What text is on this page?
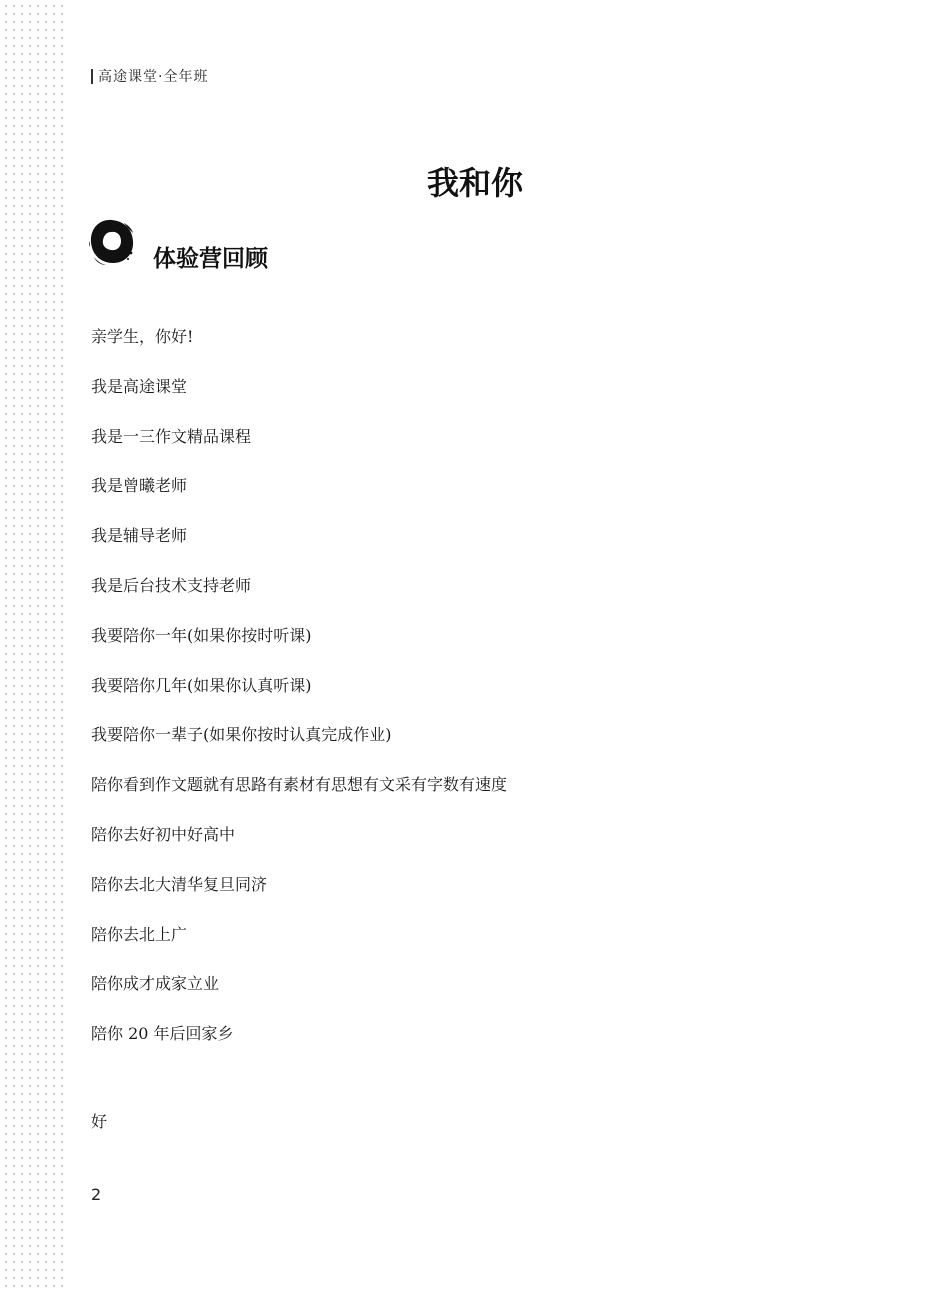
高途课堂·全年班
我和你
体验营回顾
亲学生，你好!
我是高途课堂
我是一三作文精品课程
我是曾曦老师
我是辅导老师
我是后台技术支持老师
我要陪你一年(如果你按时听课)
我要陪你几年(如果你认真听课)
我要陪你一辈子(如果你按时认真完成作业)
陪你看到作文题就有思路有素材有思想有文采有字数有速度
陪你去好初中好高中
陪你去北大清华复旦同济
陪你去北上广
陪你成才成家立业
陪你 20 年后回家乡
好
2
